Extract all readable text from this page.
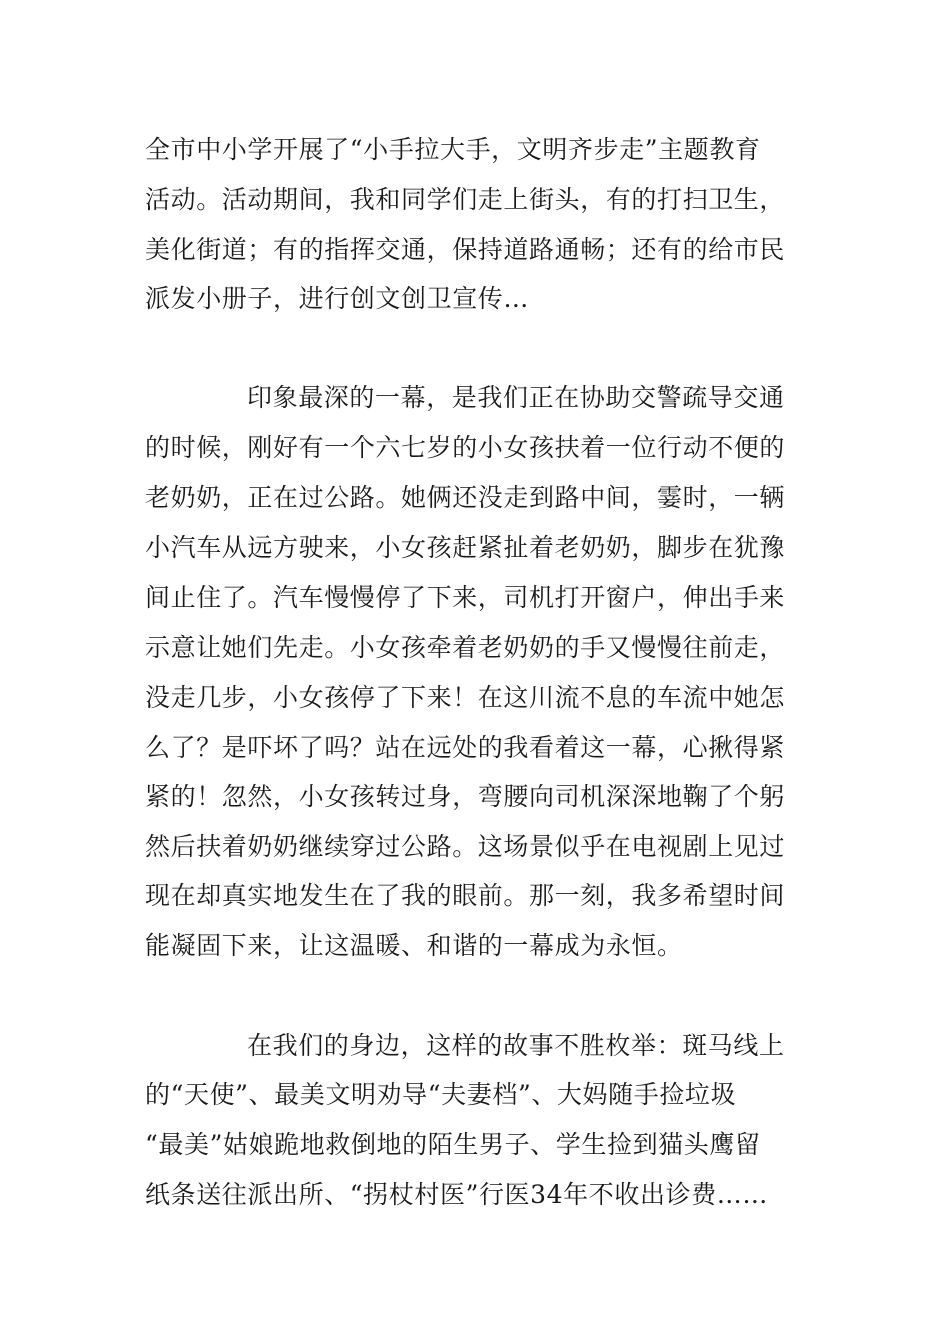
全市中小学开展了“小手拉大手，文明齐步走”主题教育
活动。活动期间，我和同学们走上街头，有的打扫卫生，
美化街道；有的指挥交通，保持道路通畅；还有的给市民
派发小册子，进行创文创卫宣传…
印象最深的一幕，是我们正在协助交警疏导交通
的时候，刚好有一个六七岁的小女孩扶着一位行动不便的
老奶奶，正在过公路。她俩还没走到路中间，霎时，一辆
小汽车从远方驶来，小女孩赶紧扯着老奶奶，脚步在犹豫
间止住了。汽车慢慢停了下来，司机打开窗户，伸出手来
示意让她们先走。小女孩牵着老奶奶的手又慢慢往前走，
没走几步，小女孩停了下来！在这川流不息的车流中她怎
么了？是吓坏了吗？站在远处的我看着这一幕，心揪得紧
紧的！忽然，小女孩转过身，弯腰向司机深深地鞠了个躬
然后扶着奶奶继续穿过公路。这场景似乎在电视剧上见过
现在却真实地发生在了我的眼前。那一刻，我多希望时间
能凝固下来，让这温暖、和谐的一幕成为永恒。
在我们的身边，这样的故事不胜枚举：斑马线上
的“天使”、最美文明劝导“夫妻档”、大妈随手捡垃圾
“最美”姑娘跪地救倒地的陌生男子、学生捡到猫头鹰留
纸条送往派出所、“拐杖村医”行医34年不收出诊费……
